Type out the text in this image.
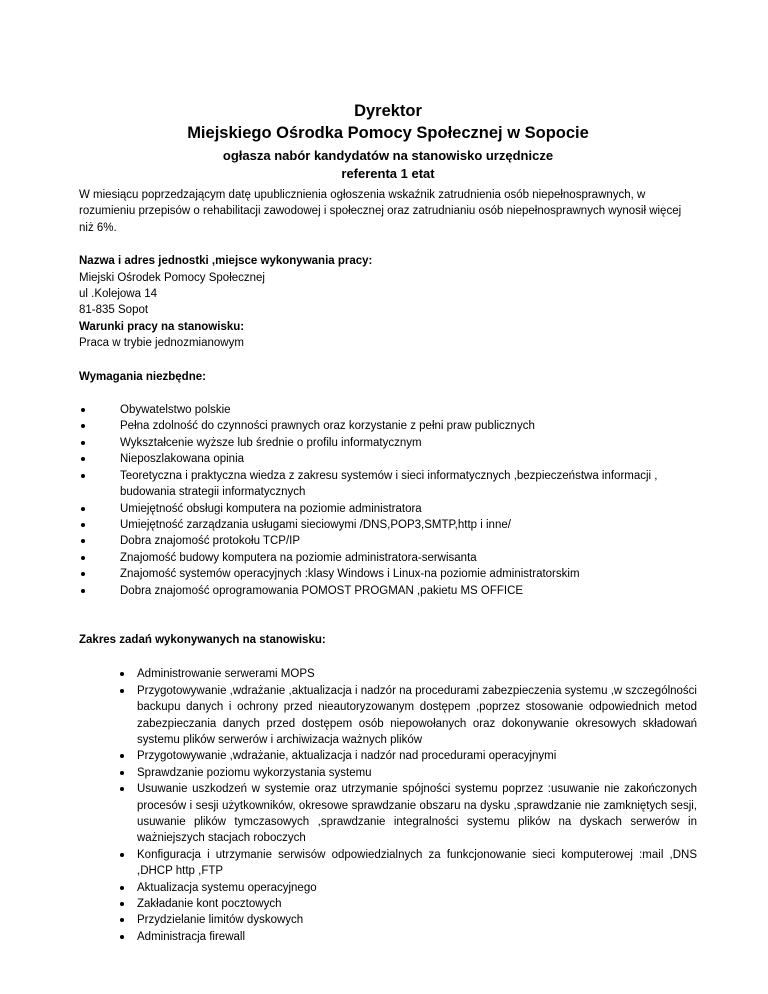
Dyrektor
Miejskiego Ośrodka Pomocy Społecznej w Sopocie
ogłasza nabór kandydatów na stanowisko urzędnicze
referenta 1 etat
W miesiącu poprzedzającym datę upublicznienia ogłoszenia wskaźnik zatrudnienia osób niepełnosprawnych, w rozumieniu przepisów o rehabilitacji zawodowej i społecznej oraz zatrudnianiu osób niepełnosprawnych wynosił więcej niż 6%.
Nazwa i adres jednostki ,miejsce wykonywania pracy:
Miejski Ośrodek Pomocy Społecznej
ul .Kolejowa 14
81-835 Sopot
Warunki pracy na stanowisku:
Praca w trybie jednozmianowym
Wymagania niezbędne:
Obywatelstwo polskie
Pełna zdolność do czynności prawnych oraz korzystanie z pełni praw publicznych
Wykształcenie wyższe lub średnie o profilu informatycznym
Nieposzlakowana opinia
Teoretyczna i praktyczna wiedza z zakresu systemów i sieci informatycznych ,bezpieczeństwa informacji , budowania strategii informatycznych
Umiejętność obsługi komputera na poziomie administratora
Umiejętność zarządzania usługami sieciowymi /DNS,POP3,SMTP,http i inne/
Dobra znajomość protokołu TCP/IP
Znajomość budowy komputera na poziomie administratora-serwisanta
Znajomość systemów operacyjnych :klasy Windows i Linux-na poziomie administratorskim
Dobra znajomość oprogramowania POMOST PROGMAN ,pakietu MS OFFICE
Zakres zadań wykonywanych na stanowisku:
Administrowanie serwerami MOPS
Przygotowywanie ,wdrażanie ,aktualizacja i nadzór na procedurami zabezpieczenia systemu ,w szczególności backupu danych i ochrony przed nieautoryzowanym dostępem ,poprzez stosowanie odpowiednich metod zabezpieczania danych przed dostępem osób niepowołanych oraz dokonywanie okresowych składowań systemu plików serwerów i archiwizacja ważnych plików
Przygotowywanie ,wdrażanie, aktualizacja i nadzór nad procedurami operacyjnymi
Sprawdzanie poziomu wykorzystania systemu
Usuwanie uszkodzeń w systemie oraz utrzymanie spójności systemu poprzez :usuwanie nie zakończonych procesów i sesji użytkowników, okresowe sprawdzanie obszaru na dysku ,sprawdzanie nie zamkniętych sesji, usuwanie plików tymczasowych ,sprawdzanie integralności systemu plików na dyskach serwerów in ważniejszych stacjach roboczych
Konfiguracja i utrzymanie serwisów odpowiedzialnych za funkcjonowanie sieci komputerowej :mail ,DNS ,DHCP http ,FTP
Aktualizacja systemu operacyjnego
Zakładanie kont pocztowych
Przydzielanie limitów dyskowych
Administracja firewall
